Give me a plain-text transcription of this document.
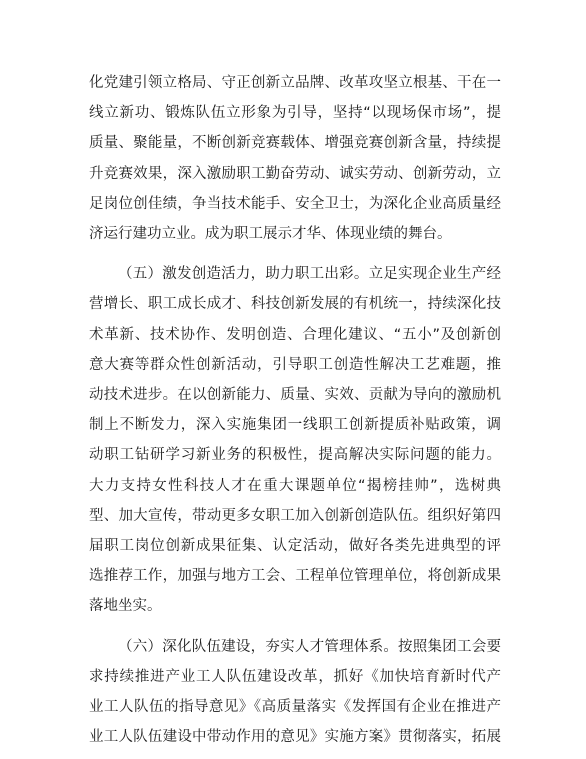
化党建引领立格局、守正创新立品牌、改革攻坚立根基、干在一
线立新功、锻炼队伍立形象为引导，坚持“以现场保市场”，提
质量、聚能量，不断创新竞赛载体、增强竞赛创新含量，持续提
升竞赛效果，深入激励职工勤奋劳动、诚实劳动、创新劳动，立
足岗位创佳绩，争当技术能手、安全卫士，为深化企业高质量经
济运行建功立业。成为职工展示才华、体现业绩的舞台。

（五）激发创造活力，助力职工出彩。立足实现企业生产经
营增长、职工成长成才、科技创新发展的有机统一，持续深化技
术革新、技术协作、发明创造、合理化建议、“五小”及创新创
意大赛等群众性创新活动，引导职工创造性解决工艺难题，推
动技术进步。在以创新能力、质量、实效、贡献为导向的激励机
制上不断发力，深入实施集团一线职工创新提质补贴政策，调
动职工钻研学习新业务的积极性，提高解决实际问题的能力。
大力支持女性科技人才在重大课题单位“揭榜挂帅”，选树典
型、加大宣传，带动更多女职工加入创新创造队伍。组织好第四
届职工岗位创新成果征集、认定活动，做好各类先进典型的评
选推荐工作，加强与地方工会、工程单位管理单位，将创新成果
落地坐实。

（六）深化队伍建设，夯实人才管理体系。按照集团工会要
求持续推进产业工人队伍建设改革，抓好《加快培育新时代产
业工人队伍的指导意见》《高质量落实《发挥国有企业在推进产
业工人队伍建设中带动作用的意见》实施方案》贯彻落实，拓展
